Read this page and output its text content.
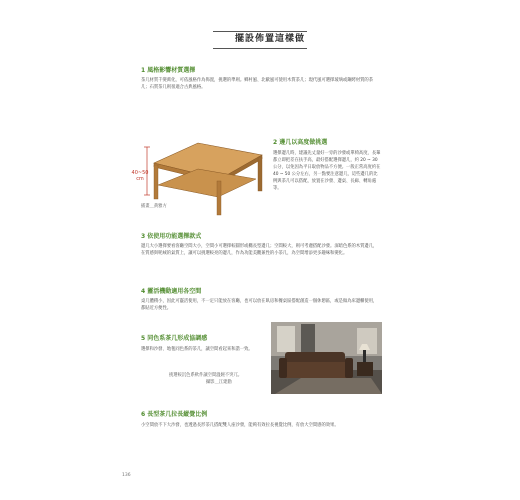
擺設佈置這樣做
1 風格影響材質選擇
茶几材質千變萬化，可依風格作為佈置，挑選的準則。鄉村風、北歐風可使用木質茶几；現代風可選擇玻璃或鋼烤材質的茶几；石質茶几則很適合古典風格。
40~50
cm
插畫＿黃雅方
2 邊几以高度做挑選
選擇邊几時，建議先丈量好一旁的沙發或單椅高度，長輩都立即把差在扶手高，最好搭配選擇邊几，約 20 ~ 30 公分，以免因為平日取放物品不方便。一般正常高度約在 40 ~ 50 公分左右，另一點要注意邊几，這些邊几的比例與茶几可以搭配，放置在沙發、邊桌、長廊、轉角處等。
3 依使用功能選擇款式
邊几大小選擇要看客廳空間大小，空間小可選擇較圓形或橢長型邊几；空間較大，則可考慮搭配沙發。深暗色系的木質邊几，在質感與呢絨的氣質上，讓可以挑選較亮的邊几，作為功能美觀兼性的小茶几，為空間增添更多趣味和變化。
4 靈活機動適用各空間
桌几體積小，因此可靈活使用，不一定只能放在客廳，也可以放在臥房和餐桌區搭配創造一個休憩區，或是做為床邊櫃使用，都貼近方便性。
5 同色系茶几形成協調感
選擇和沙發、地毯同色系的茶几，讓空間看起來和諧一致。
挑選較沉色系軟件讓空間溫婉不突兀。
攝影＿江建勳
6 長型茶几拉長縱覺比例
小空間放不下大沙發，也透過長形茶几搭配雙人座沙發，能夠有效拉長視覺比例，有放大空間感的效果。
136
